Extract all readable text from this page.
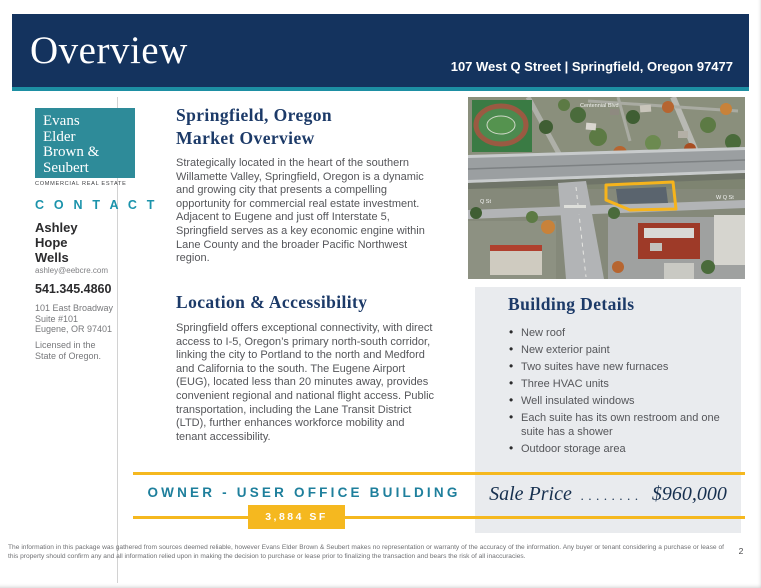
Overview	107 West Q Street | Springfield, Oregon 97477
Evans
Elder
Brown &
Seubert
COMMERCIAL REAL ESTATE
C O N T A C T
Ashley
Hope
Wells
ashley@eebcre.com
541.345.4860
101 East Broadway
Suite #101
Eugene, OR 97401
Licensed in the
State of Oregon.
Springfield, Oregon
Market Overview

Strategically located in the heart of the southern Willamette Valley, Springfield, Oregon is a dynamic and growing city that presents a compelling opportunity for commercial real estate investment. Adjacent to Eugene and just off Interstate 5, Springfield serves as a key economic engine within Lane County and the broader Pacific Northwest region.

Location & Accessibility

Springfield offers exceptional connectivity, with direct access to I-5, Oregon’s primary north-south corridor, linking the city to Portland to the north and Medford and California to the south. The Eugene Airport (EUG), located less than 20 minutes away, provides convenient regional and national flight access. Public transportation, including the Lane Transit District (LTD), further enhances workforce mobility and tenant accessibility.

Centennial Blvd
Q St
W Q St
Building Details
• New roof
• New exterior paint
• Two suites have new furnaces
• Three HVAC units
• Well insulated windows
• Each suite has its own restroom and one suite has a shower
• Outdoor storage area
OWNER - USER OFFICE BUILDING
3,884 SF
Sale Price ........ $960,000

The information in this package was gathered from sources deemed reliable, however Evans Elder Brown & Seubert makes no representation or warranty of the accuracy of the information. Any buyer or tenant considering a purchase or lease of this property should confirm any and all information relied upon in making the decision to purchase or lease prior to finalizing the transaction and bears the risk of all inaccuracies.

2
